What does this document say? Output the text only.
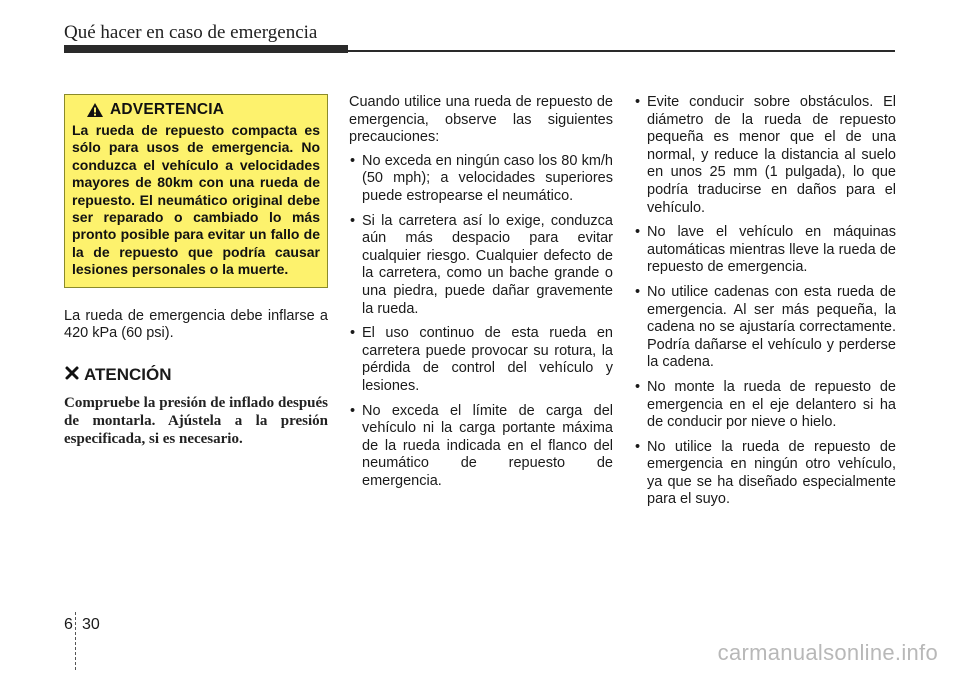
Qué hacer en caso de emergencia
ADVERTENCIA
La rueda de repuesto compacta es sólo para usos de emergencia. No conduzca el vehículo a velocidades mayores de 80km con una rueda de repuesto. El neumático original debe ser reparado o cambiado lo más pronto posible para evitar un fallo de la de repuesto que podría causar lesiones personales o la muerte.

La rueda de emergencia debe inflarse a 420 kPa (60 psi).

ATENCIÓN
Compruebe la presión de inflado después de montarla. Ajústela a la presión especificada, si es necesario.

Cuando utilice una rueda de repuesto de emergencia, observe las siguientes precauciones:

• No exceda en ningún caso los 80 km/h (50 mph); a velocidades superiores puede estropearse el neumático.
• Si la carretera así lo exige, conduzca aún más despacio para evitar cualquier riesgo. Cualquier defecto de la carretera, como un bache grande o una piedra, puede dañar gravemente la rueda.
• El uso continuo de esta rueda en carretera puede provocar su rotura, la pérdida de control del vehículo y lesiones.
• No exceda el límite de carga del vehículo ni la carga portante máxima de la rueda indicada en el flanco del neumático de repuesto de emergencia.
• Evite conducir sobre obstáculos. El diámetro de la rueda de repuesto pequeña es menor que el de una normal, y reduce la distancia al suelo en unos 25 mm (1 pulgada), lo que podría traducirse en daños para el vehículo.
• No lave el vehículo en máquinas automáticas mientras lleve la rueda de repuesto de emergencia.
• No utilice cadenas con esta rueda de emergencia. Al ser más pequeña, la cadena no se ajustaría correctamente. Podría dañarse el vehículo y perderse la cadena.
• No monte la rueda de repuesto de emergencia en el eje delantero si ha de conducir por nieve o hielo.
• No utilice la rueda de repuesto de emergencia en ningún otro vehículo, ya que se ha diseñado especialmente para el suyo.
6 30
carmanualsonline.info
